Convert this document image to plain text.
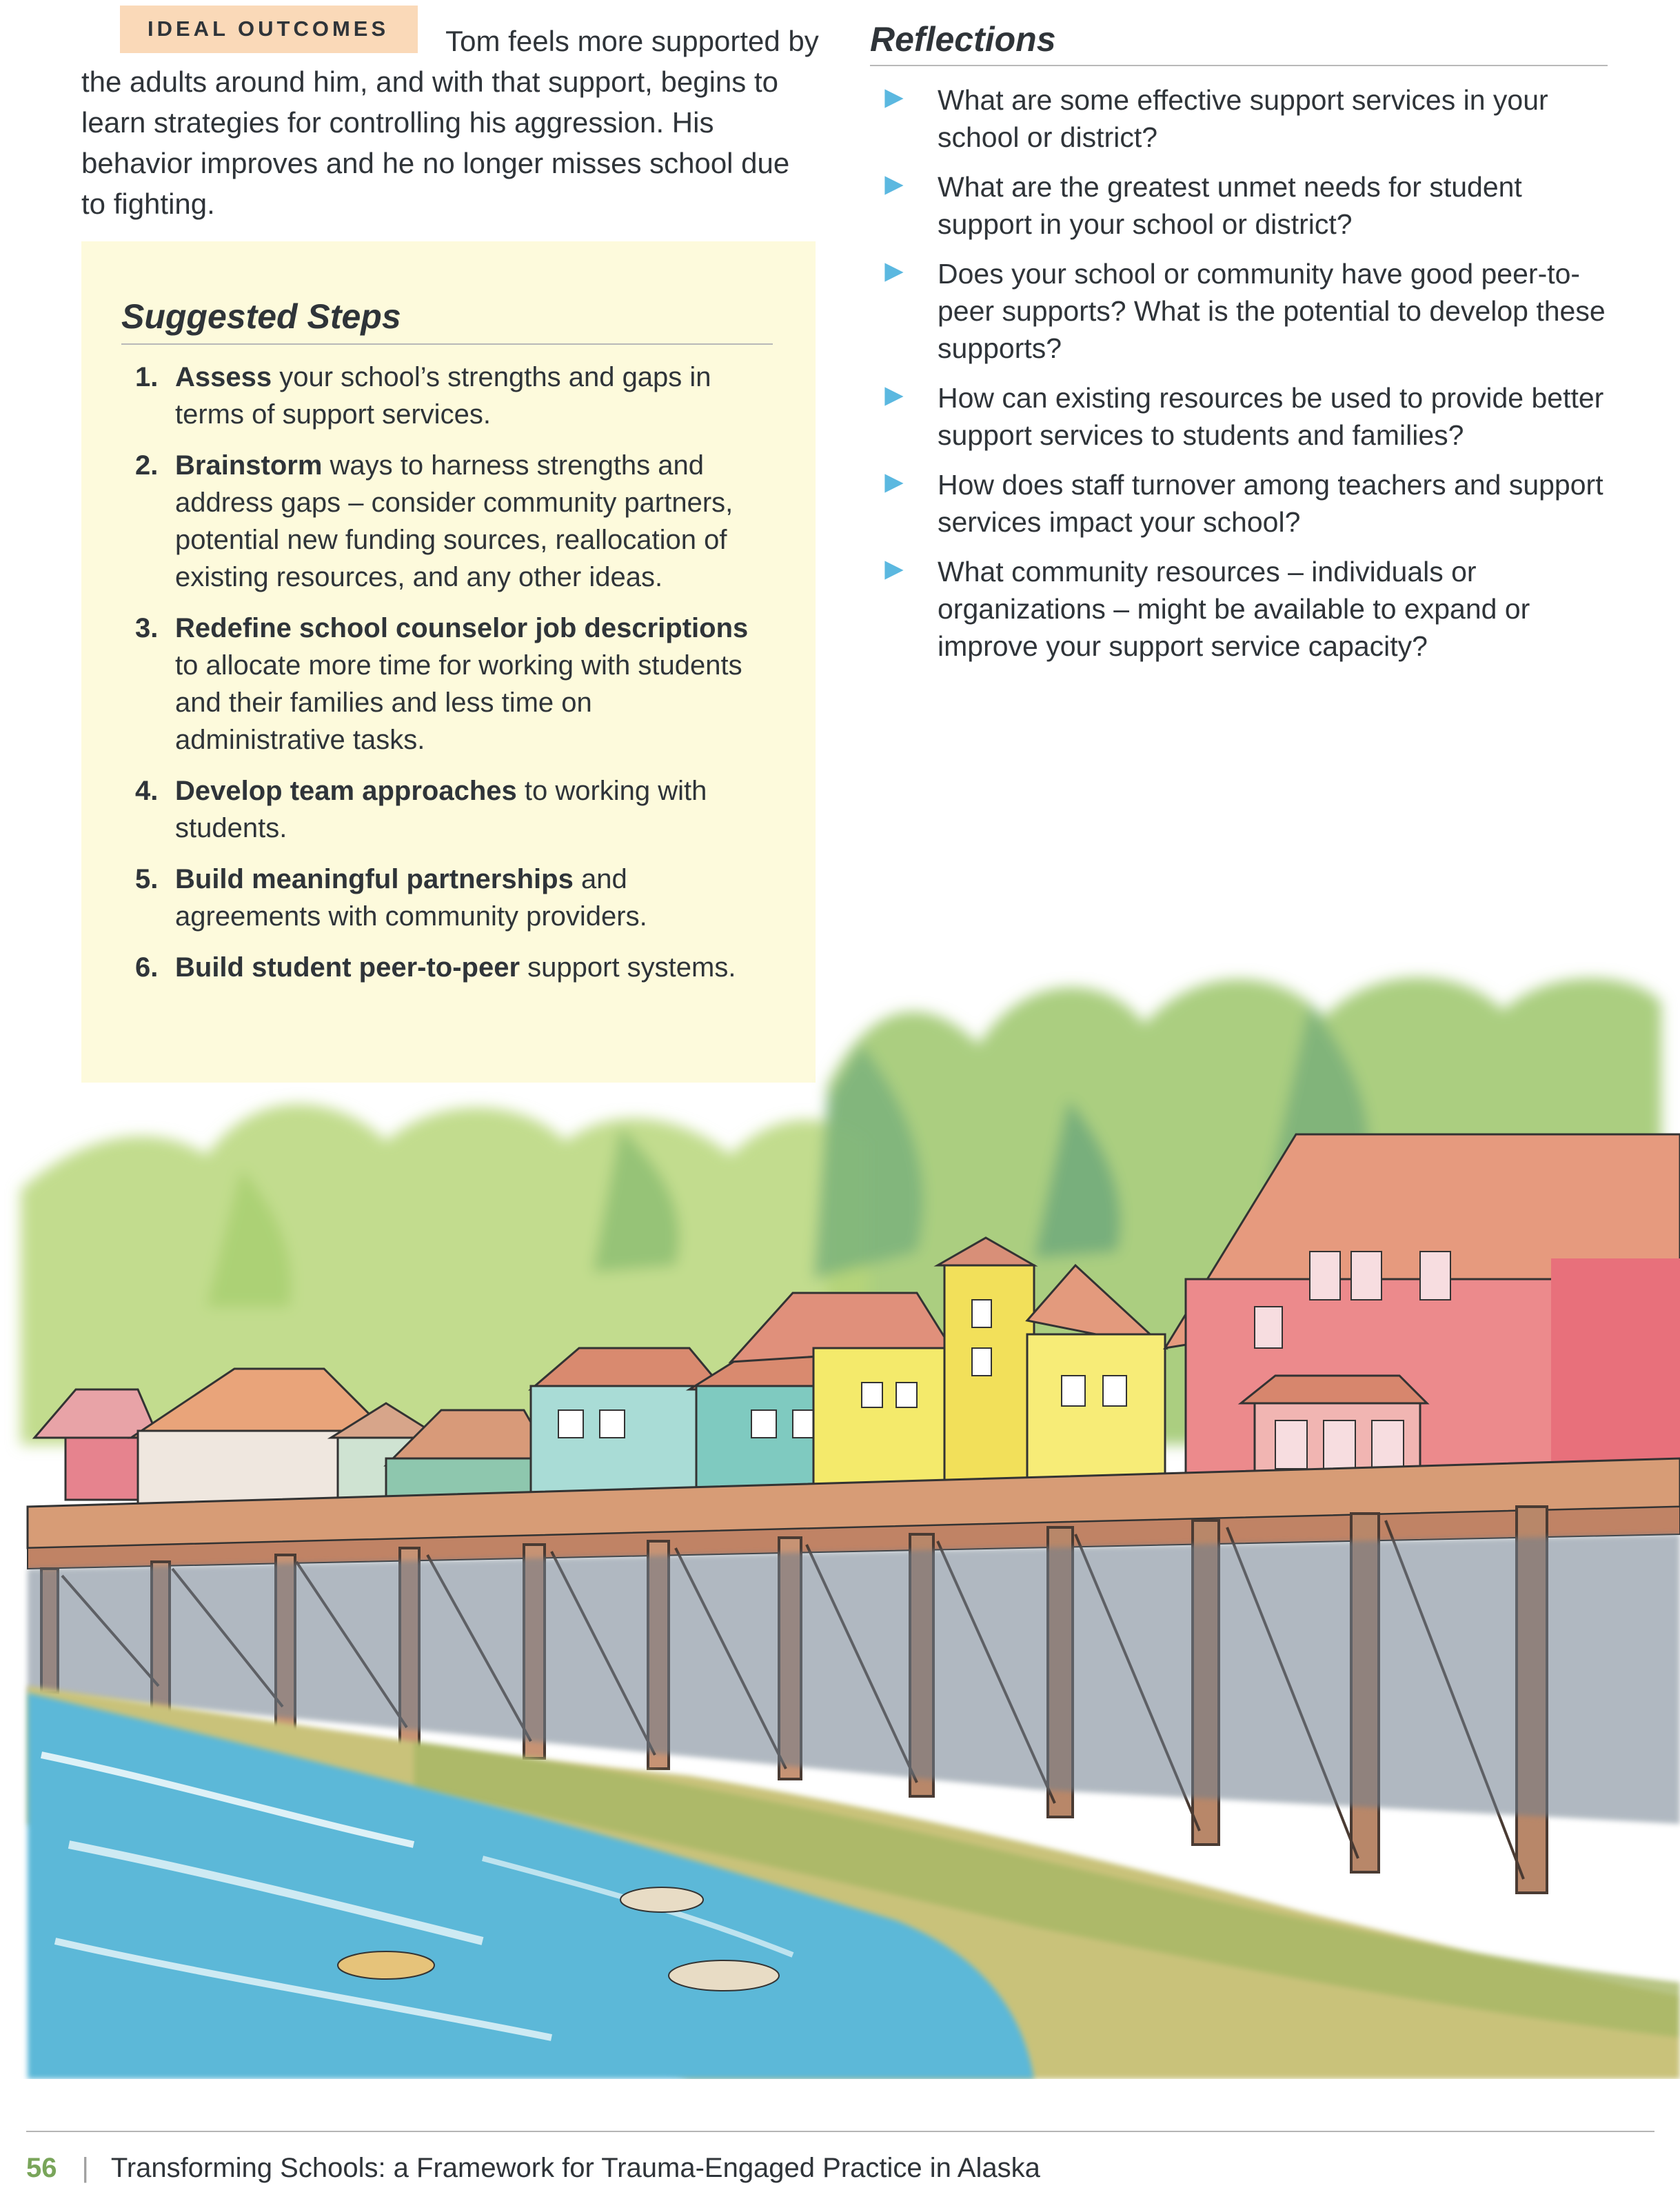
IDEAL OUTCOMES	Tom feels more supported by the adults around him, and with that support, begins to learn strategies for controlling his aggression. His behavior improves and he no longer misses school due to fighting.

Suggested Steps
1. Assess your school’s strengths and gaps in terms of support services.
2. Brainstorm ways to harness strengths and address gaps – consider community partners, potential new funding sources, reallocation of existing resources, and any other ideas.
3. Redefine school counselor job descriptions to allocate more time for working with students and their families and less time on administrative tasks.
4. Develop team approaches to working with students.
5. Build meaningful partnerships and agreements with community providers.
6. Build student peer-to-peer support systems.
Reflections
What are some effective support services in your school or district?
What are the greatest unmet needs for student support in your school or district?
Does your school or community have good peer-to-peer supports? What is the potential to develop these supports?
How can existing resources be used to provide better support services to students and families?
How does staff turnover among teachers and support services impact your school?
What community resources – individuals or organizations – might be available to expand or improve your support service capacity?
56 | Transforming Schools: a Framework for Trauma-Engaged Practice in Alaska
